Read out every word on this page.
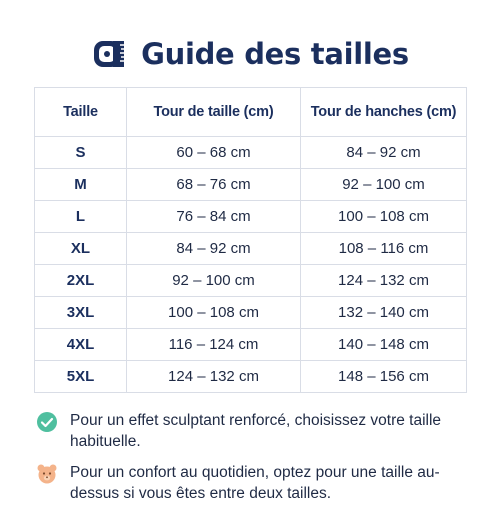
Guide des tailles
Taille	Tour de taille (cm)	Tour de hanches (cm)
S	60 – 68 cm	84 – 92 cm
M	68 – 76 cm	92 – 100 cm
L	76 – 84 cm	100 – 108 cm
XL	84 – 92 cm	108 – 116 cm
2XL	92 – 100 cm	124 – 132 cm
3XL	100 – 108 cm	132 – 140 cm
4XL	116 – 124 cm	140 – 148 cm
5XL	124 – 132 cm	148 – 156 cm
Pour un effet sculptant renforcé, choisissez votre taille habituelle.
Pour un confort au quotidien, optez pour une taille au-dessus si vous êtes entre deux tailles.
